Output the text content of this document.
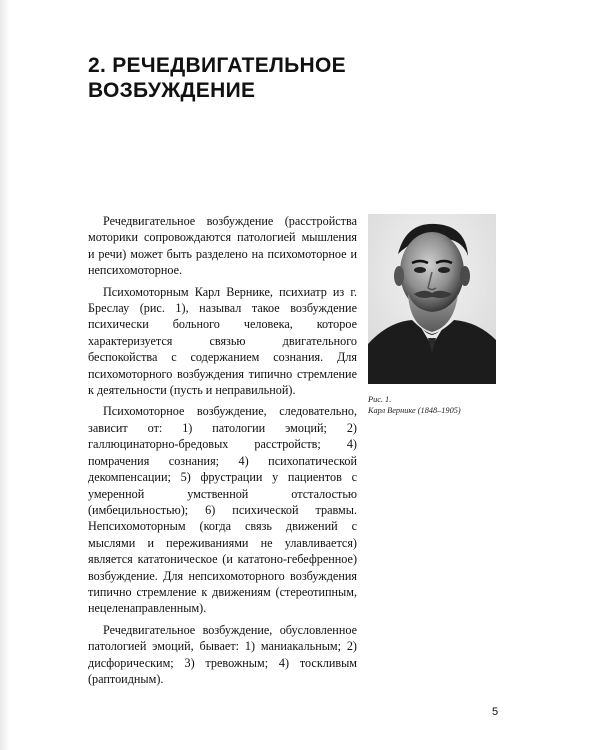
2. РЕЧЕДВИГАТЕЛЬНОЕ
ВОЗБУЖДЕНИЕ

Речедвигательное возбуждение (расстройства моторики сопровождаются патологией мышления и речи) может быть разделено на психомоторное и непсихомоторное.

Психомоторным Карл Вернике, психиатр из г. Бреслау (рис. 1), называл такое возбуждение психически больного человека, которое характеризуется связью двигательного беспокойства с содержанием сознания. Для психомоторного возбуждения типично стремление к деятельности (пусть и неправильной).

Психомоторное возбуждение, следовательно, зависит от: 1) патологии эмоций; 2) галлюцинаторно-бредовых расстройств; 4) помрачения сознания; 4) психопатической декомпенсации; 5) фрустрации у пациентов с умеренной умственной отсталостью (имбецильностью); 6) психической травмы. Непсихомоторным (когда связь движений с мыслями и переживаниями не улавливается) является кататоническое (и кататоно-гебефренное) возбуждение. Для непсихомоторного возбуждения типично стремление к движениям (стереотипным, нецеленаправленным).

Речедвигательное возбуждение, обусловленное патологией эмоций, бывает: 1) маниакальным; 2) дисфорическим; 3) тревожным; 4) тоскливым (раптоидным).

Рис. 1.
Карл Вернике (1848–1905)
5
